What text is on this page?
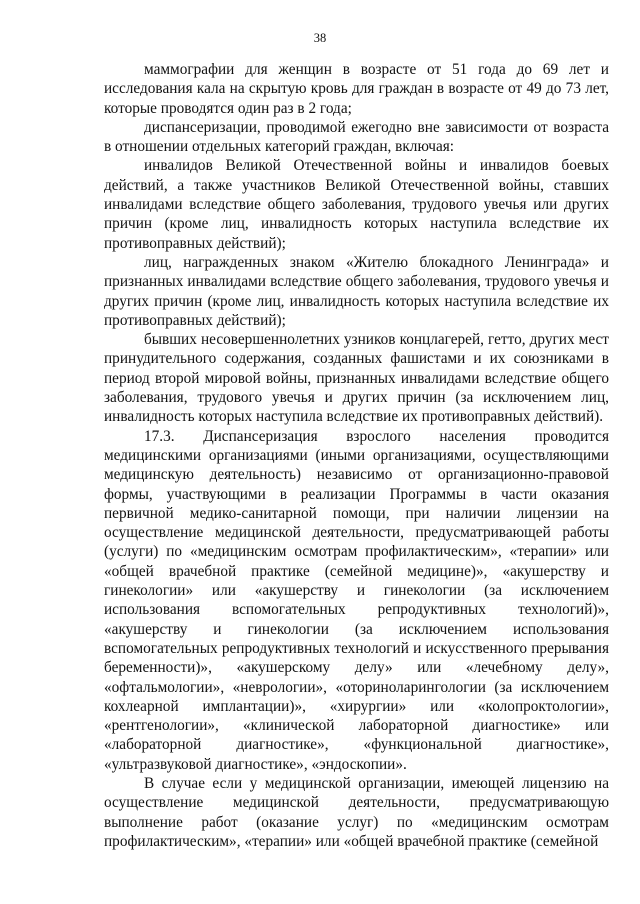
38

маммографии для женщин в возрасте от 51 года до 69 лет и исследования кала на скрытую кровь для граждан в возрасте от 49 до 73 лет, которые проводятся один раз в 2 года;

диспансеризации, проводимой ежегодно вне зависимости от возраста в отношении отдельных категорий граждан, включая:

инвалидов Великой Отечественной войны и инвалидов боевых действий, а также участников Великой Отечественной войны, ставших инвалидами вследствие общего заболевания, трудового увечья или других причин (кроме лиц, инвалидность которых наступила вследствие их противоправных действий);

лиц, награжденных знаком «Жителю блокадного Ленинграда» и признанных инвалидами вследствие общего заболевания, трудового увечья и других причин (кроме лиц, инвалидность которых наступила вследствие их противоправных действий);

бывших несовершеннолетних узников концлагерей, гетто, других мест принудительного содержания, созданных фашистами и их союзниками в период второй мировой войны, признанных инвалидами вследствие общего заболевания, трудового увечья и других причин (за исключением лиц, инвалидность которых наступила вследствие их противоправных действий).

17.3. Диспансеризация взрослого населения проводится медицинскими организациями (иными организациями, осуществляющими медицинскую деятельность) независимо от организационно-правовой формы, участвующими в реализации Программы в части оказания первичной медико-санитарной помощи, при наличии лицензии на осуществление медицинской деятельности, предусматривающей работы (услуги) по «медицинским осмотрам профилактическим», «терапии» или «общей врачебной практике (семейной медицине)», «акушерству и гинекологии» или «акушерству и гинекологии (за исключением использования вспомогательных репродуктивных технологий)», «акушерству и гинекологии (за исключением использования вспомогательных репродуктивных технологий и искусственного прерывания беременности)», «акушерскому делу» или «лечебному делу», «офтальмологии», «неврологии», «оториноларингологии (за исключением кохлеарной имплантации)», «хирургии» или «колопроктологии», «рентгенологии», «клинической лабораторной диагностике» или «лабораторной диагностике», «функциональной диагностике», «ультразвуковой диагностике», «эндоскопии».

В случае если у медицинской организации, имеющей лицензию на осуществление медицинской деятельности, предусматривающую выполнение работ (оказание услуг) по «медицинским осмотрам профилактическим», «терапии» или «общей врачебной практике (семейной
